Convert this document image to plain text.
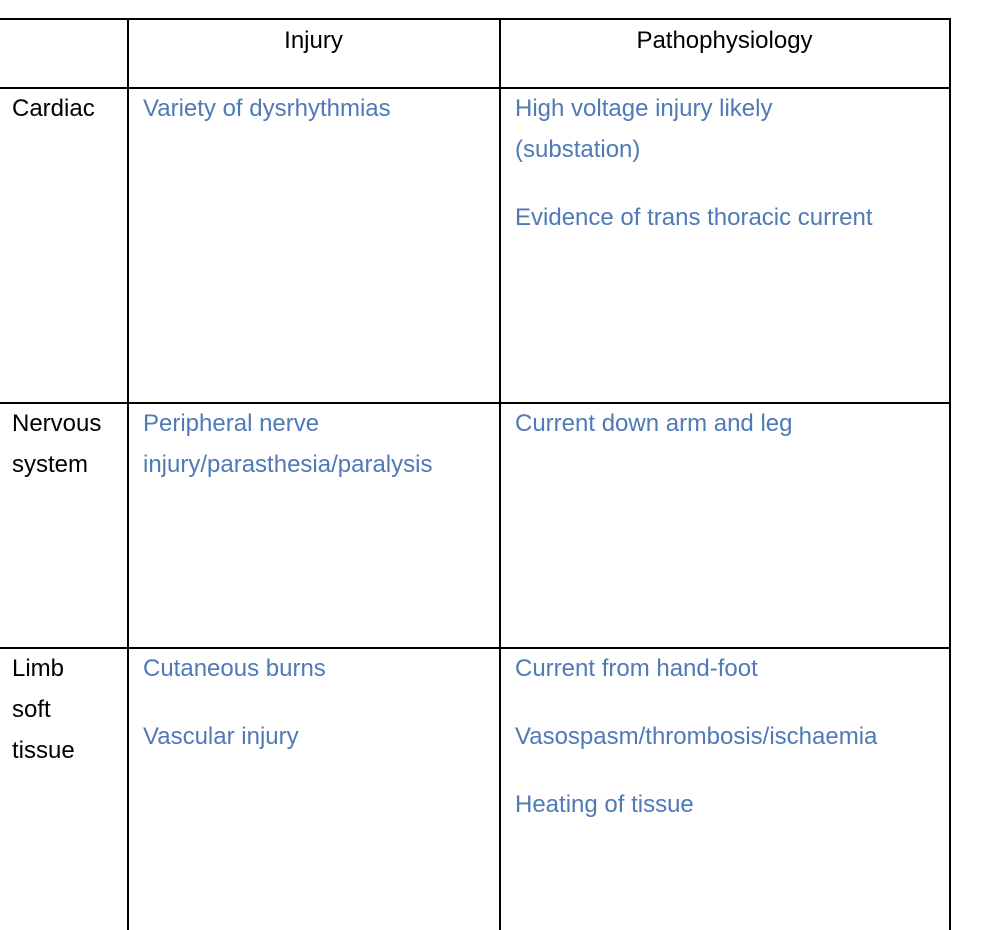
Injury	Pathophysiology

Cardiac Variety of dysrhythmias	High voltage injury likely
(substation)

Evidence of trans thoracic current

Nervous
system

Peripheral nerve
injury/parasthesia/paralysis

Current down arm and leg

Limb
soft
tissue

Cutaneous burns

Vascular injury

Current from hand-foot

Vasospasm/thrombosis/ischaemia

Heating of tissue
